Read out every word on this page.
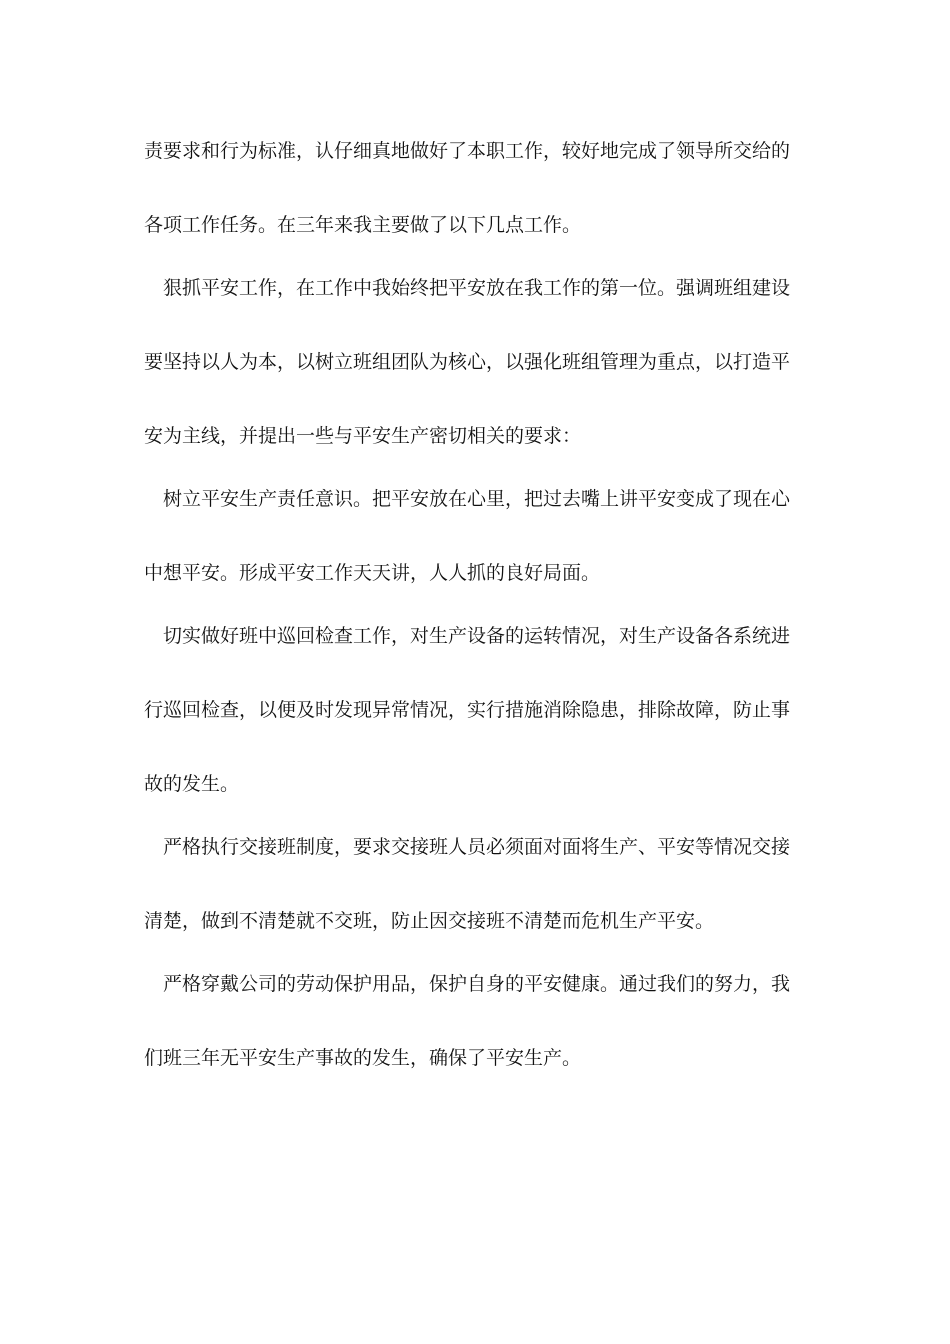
责要求和行为标准，认仔细真地做好了本职工作，较好地完成了领导所交给的
各项工作任务。在三年来我主要做了以下几点工作。
狠抓平安工作，在工作中我始终把平安放在我工作的第一位。强调班组建设
要坚持以人为本，以树立班组团队为核心，以强化班组管理为重点，以打造平
安为主线，并提出一些与平安生产密切相关的要求：
树立平安生产责任意识。把平安放在心里，把过去嘴上讲平安变成了现在心
中想平安。形成平安工作天天讲，人人抓的良好局面。
切实做好班中巡回检查工作，对生产设备的运转情况，对生产设备各系统进
行巡回检查，以便及时发现异常情况，实行措施消除隐患，排除故障，防止事
故的发生。
严格执行交接班制度，要求交接班人员必须面对面将生产、平安等情况交接
清楚，做到不清楚就不交班，防止因交接班不清楚而危机生产平安。
严格穿戴公司的劳动保护用品，保护自身的平安健康。通过我们的努力，我
们班三年无平安生产事故的发生，确保了平安生产。
